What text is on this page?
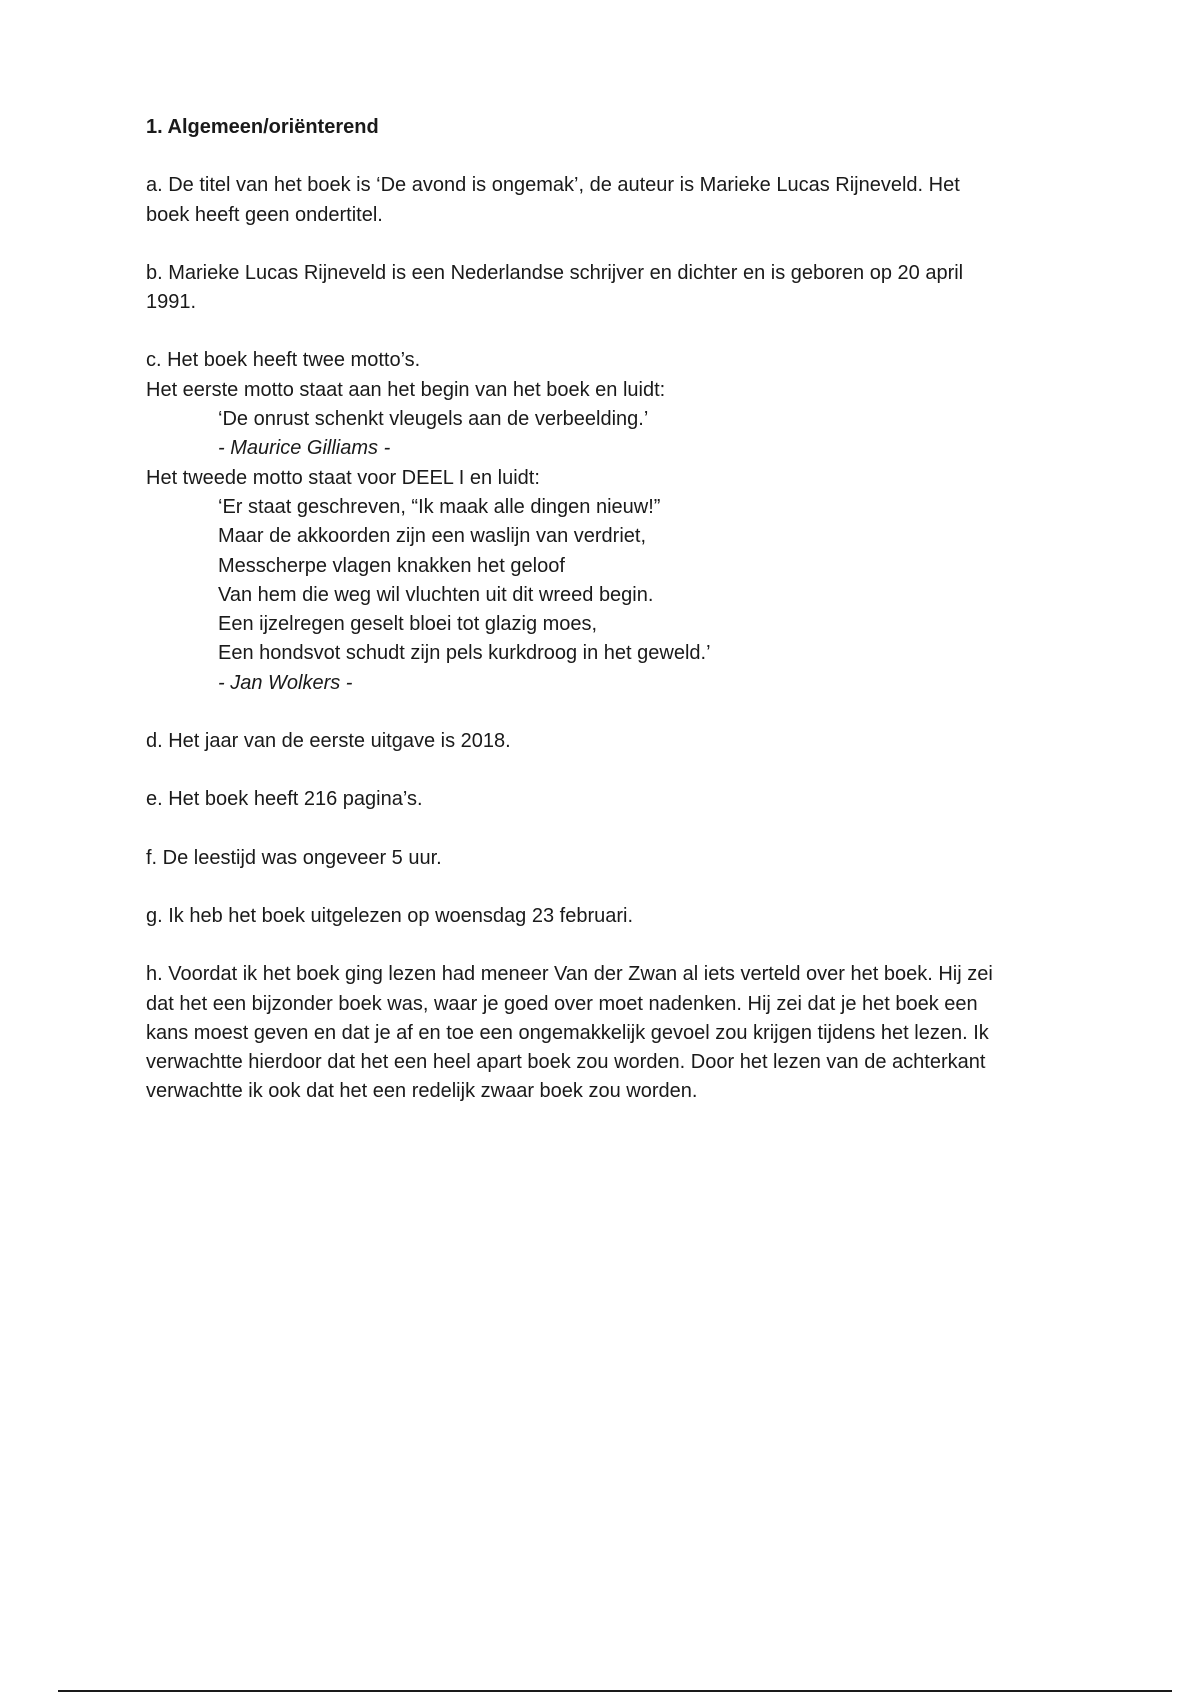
1. Algemeen/oriënterend
a. De titel van het boek is ‘De avond is ongemak’, de auteur is Marieke Lucas Rijneveld. Het
boek heeft geen ondertitel.
b. Marieke Lucas Rijneveld is een Nederlandse schrijver en dichter en is geboren op 20 april
1991.
c. Het boek heeft twee motto’s.
Het eerste motto staat aan het begin van het boek en luidt:
‘De onrust schenkt vleugels aan de verbeelding.’
- Maurice Gilliams -
Het tweede motto staat voor DEEL I en luidt:
‘Er staat geschreven, “Ik maak alle dingen nieuw!”
Maar de akkoorden zijn een waslijn van verdriet,
Messcherpe vlagen knakken het geloof
Van hem die weg wil vluchten uit dit wreed begin.
Een ijzelregen geselt bloei tot glazig moes,
Een hondsvot schudt zijn pels kurkdroog in het geweld.’
- Jan Wolkers -
d. Het jaar van de eerste uitgave is 2018.
e. Het boek heeft 216 pagina’s.
f. De leestijd was ongeveer 5 uur.
g. Ik heb het boek uitgelezen op woensdag 23 februari.
h. Voordat ik het boek ging lezen had meneer Van der Zwan al iets verteld over het boek. Hij zei
dat het een bijzonder boek was, waar je goed over moet nadenken. Hij zei dat je het boek een
kans moest geven en dat je af en toe een ongemakkelijk gevoel zou krijgen tijdens het lezen. Ik
verwachtte hierdoor dat het een heel apart boek zou worden. Door het lezen van de achterkant
verwachtte ik ook dat het een redelijk zwaar boek zou worden.
